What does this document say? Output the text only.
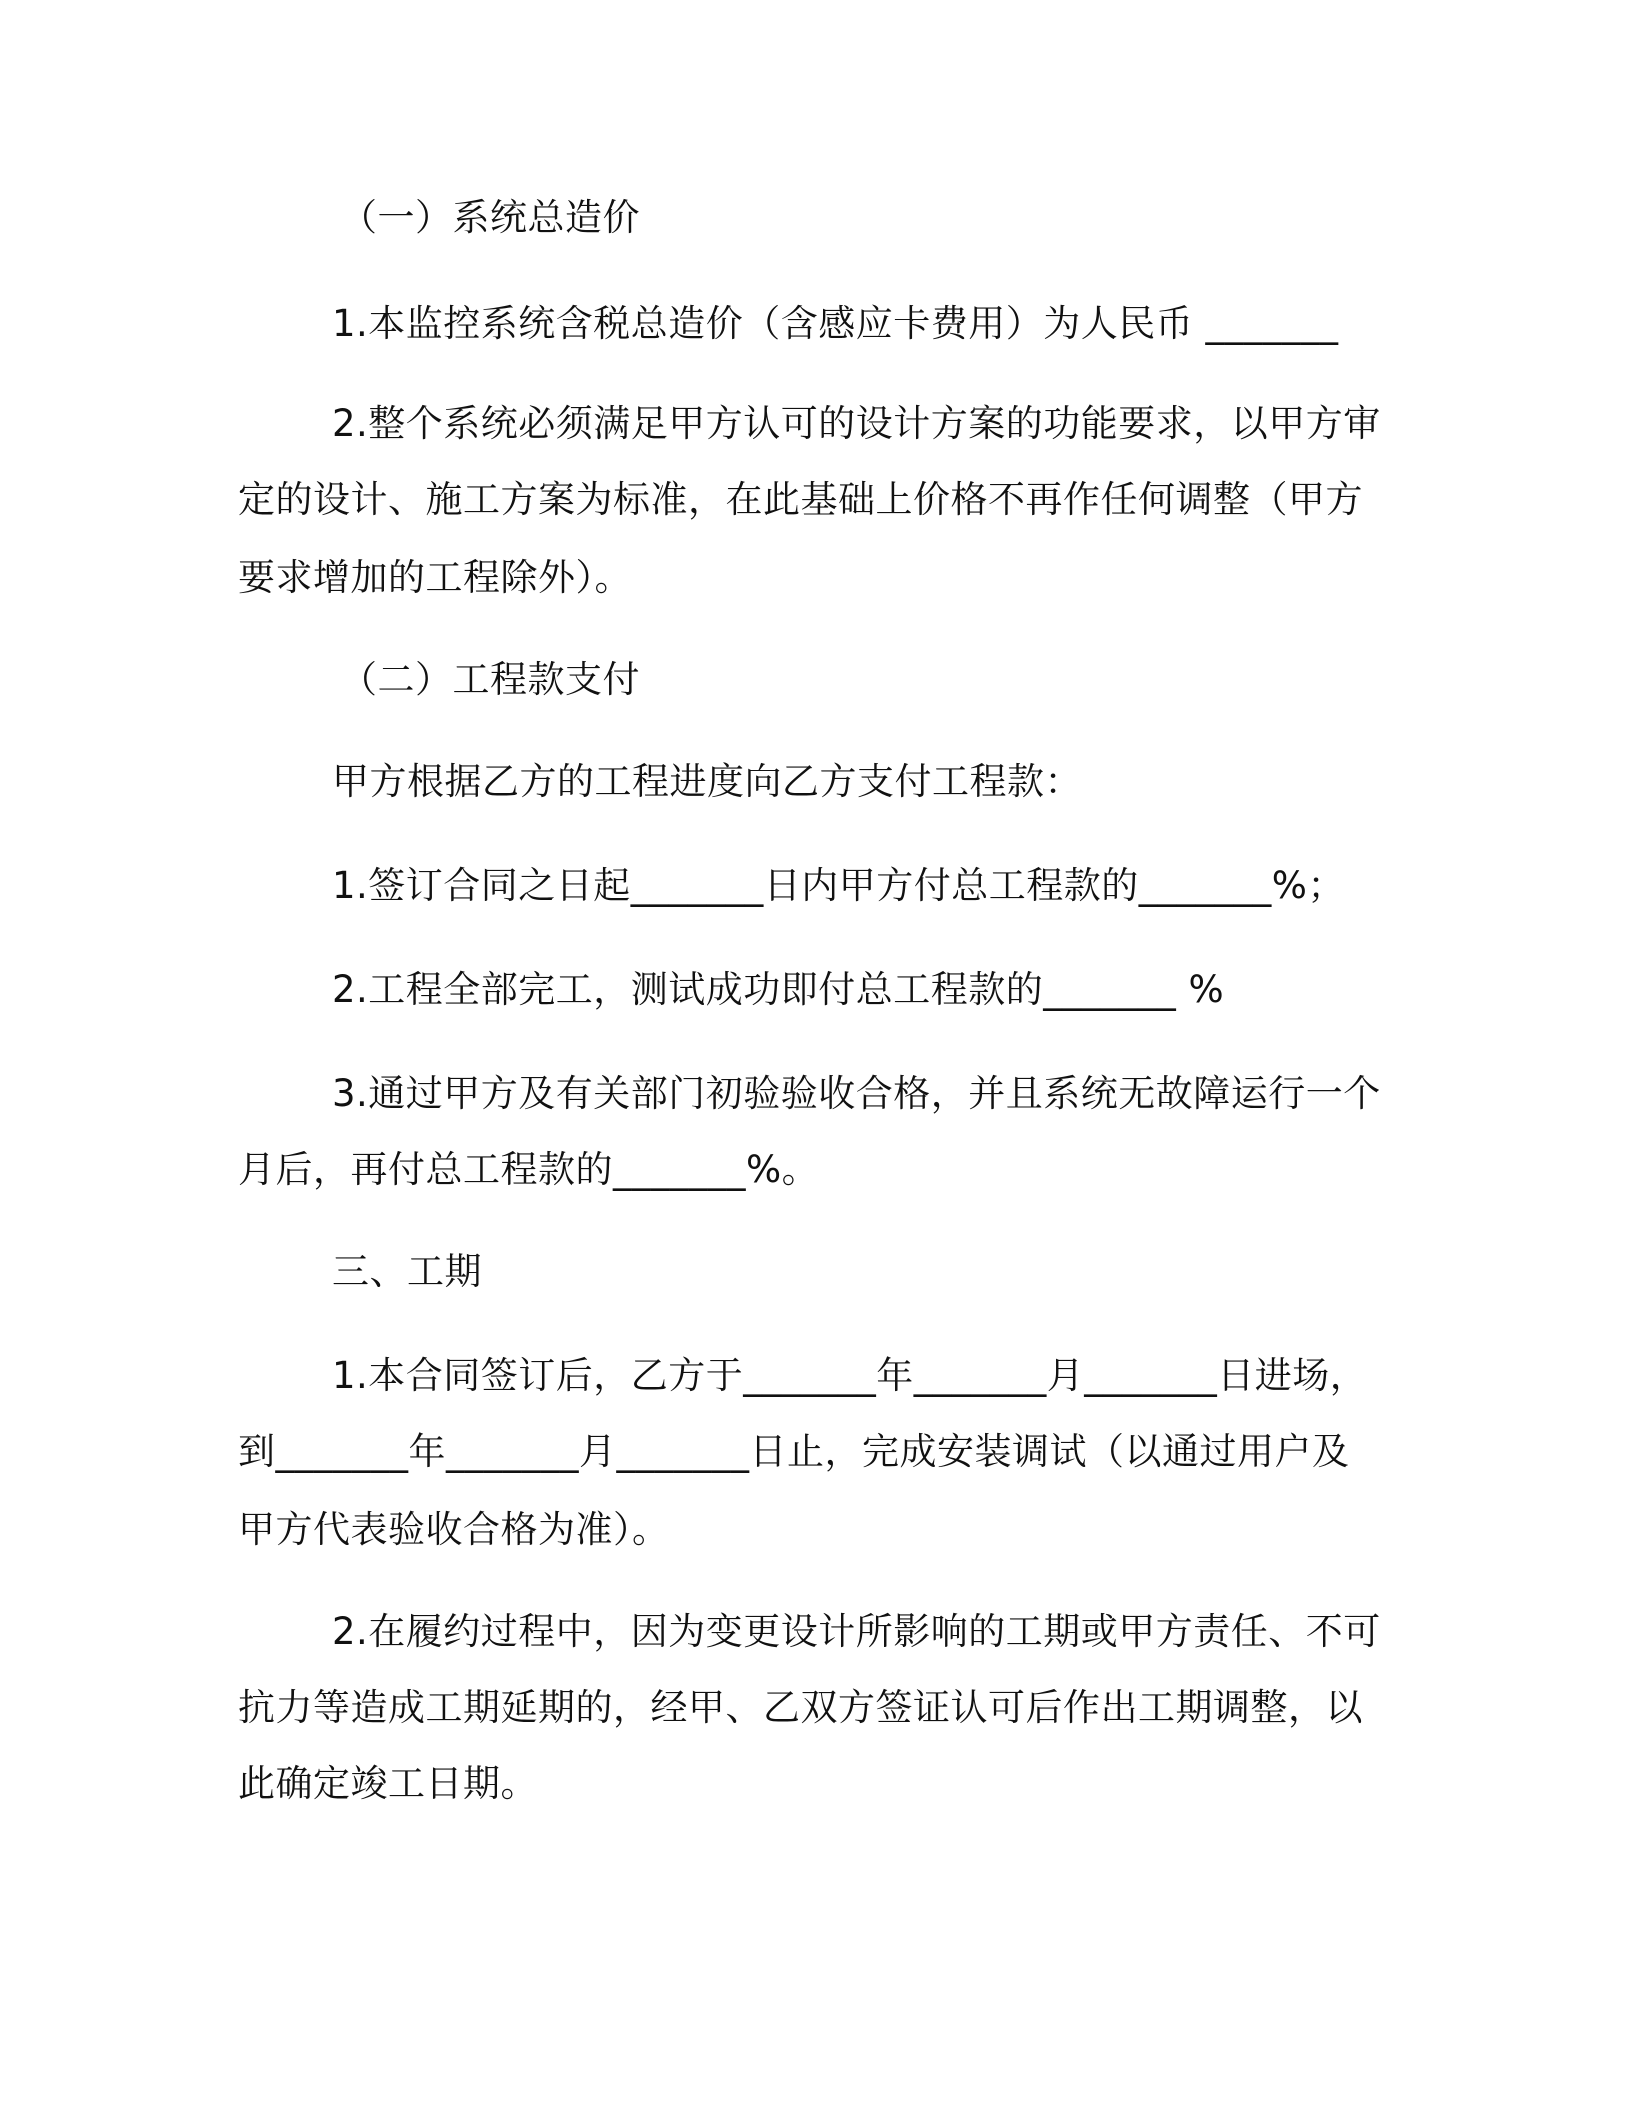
（一）系统总造价
1.本监控系统含税总造价（含感应卡费用）为人民币 _______
2.整个系统必须满足甲方认可的设计方案的功能要求，以甲方审
定的设计、施工方案为标准，在此基础上价格不再作任何调整（甲方
要求增加的工程除外）。
（二）工程款支付
甲方根据乙方的工程进度向乙方支付工程款：
1.签订合同之日起_______日内甲方付总工程款的_______%；
2.工程全部完工，测试成功即付总工程款的_______ %
3.通过甲方及有关部门初验验收合格，并且系统无故障运行一个
月后，再付总工程款的_______%。
三、工期
1.本合同签订后，乙方于_______年_______月_______日进场，
到_______年_______月_______日止，完成安装调试（以通过用户及
甲方代表验收合格为准）。
2.在履约过程中，因为变更设计所影响的工期或甲方责任、不可
抗力等造成工期延期的，经甲、乙双方签证认可后作出工期调整，以
此确定竣工日期。
